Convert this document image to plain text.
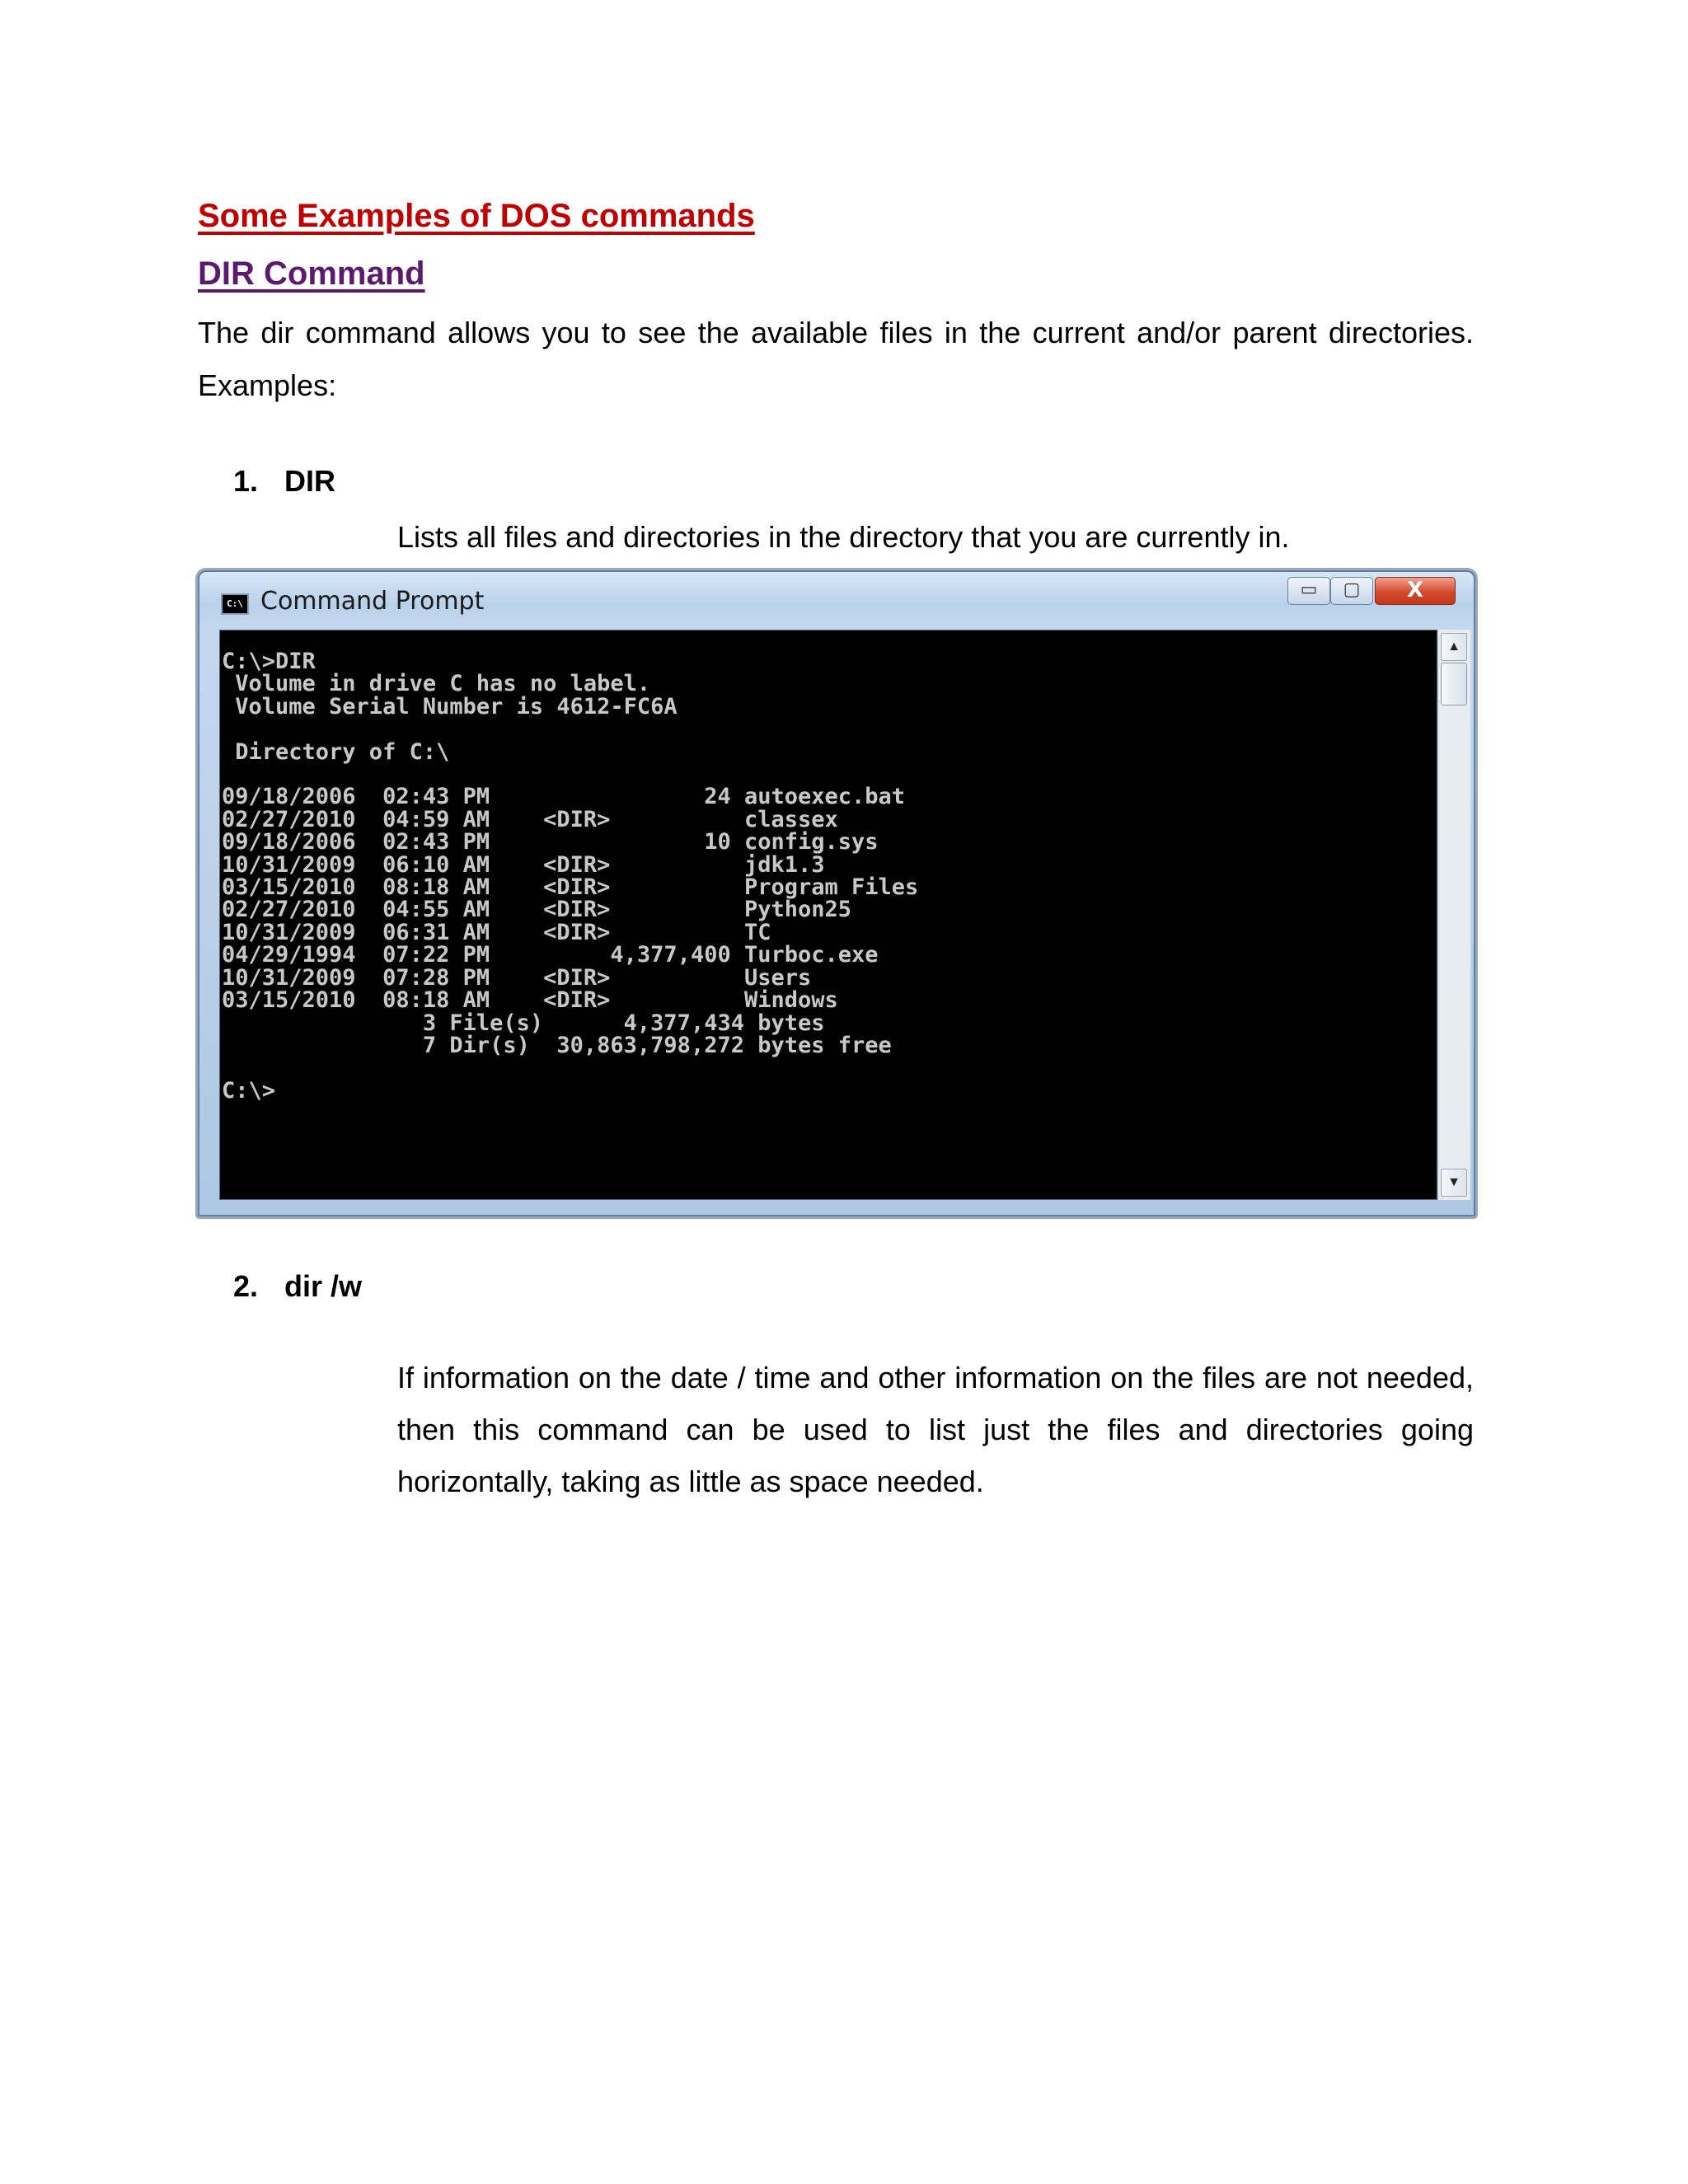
Some Examples of DOS commands
DIR Command
The dir command allows you to see the available files in the current and/or parent directories. Examples:
1. DIR
Lists all files and directories in the directory that you are currently in.
C:\ Command Prompt	▭	▢	X
C:\>DIR
Volume in drive C has no label.
Volume Serial Number is 4612-FC6A

Directory of C:\

09/18/2006  02:43 PM                24 autoexec.bat
02/27/2010  04:59 AM    <DIR>          classex
09/18/2006  02:43 PM                10 config.sys
10/31/2009  06:10 AM    <DIR>          jdk1.3
03/15/2010  08:18 AM    <DIR>          Program Files
02/27/2010  04:55 AM    <DIR>          Python25
10/31/2009  06:31 AM    <DIR>          TC
04/29/1994  07:22 PM         4,377,400 Turboc.exe
10/31/2009  07:28 PM    <DIR>          Users
03/15/2010  08:18 AM    <DIR>          Windows
3 File(s)      4,377,434 bytes
7 Dir(s)  30,863,798,272 bytes free

C:\>
▲
▼
2. dir /w
If information on the date / time and other information on the files are not needed, then this command can be used to list just the files and directories going horizontally, taking as little as space needed.
